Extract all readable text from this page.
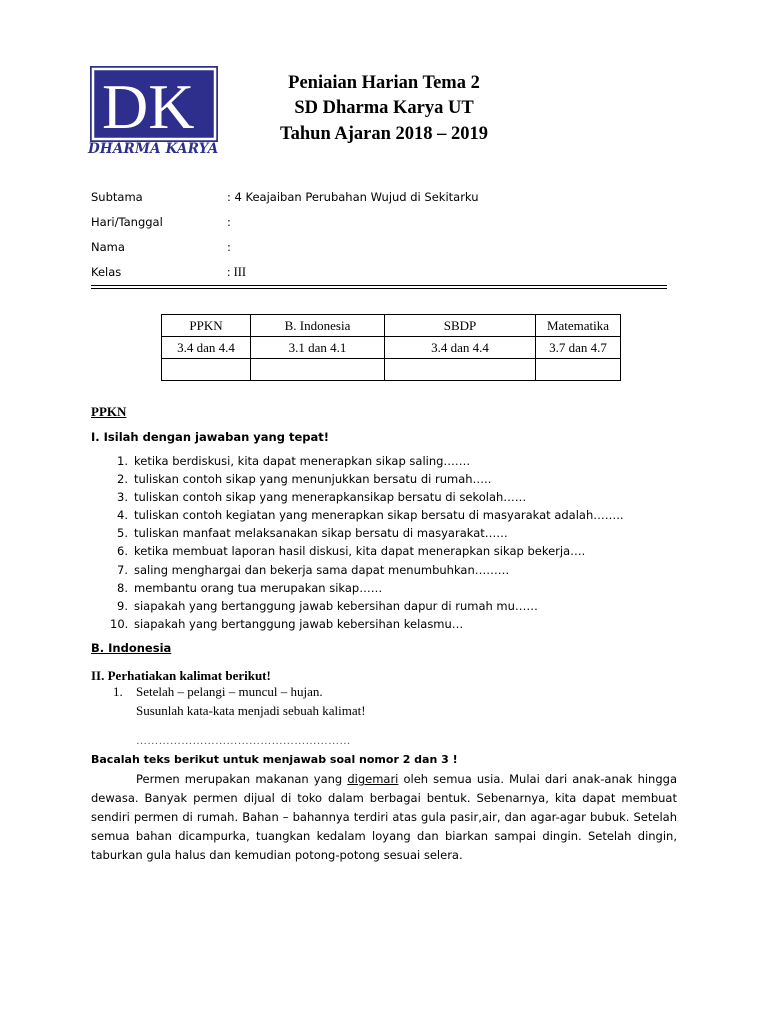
DK
DHARMA KARYA
Peniaian Harian Tema 2
SD Dharma Karya UT
Tahun Ajaran 2018 – 2019
Subtama	: 4 Keajaiban Perubahan Wujud di Sekitarku
Hari/Tanggal	:
Nama	:
Kelas	: III
PPKN	B. Indonesia	SBDP	Matematika
3.4 dan 4.4	3.1 dan 4.1	3.4 dan 4.4	3.7 dan 4.7

PPKN
I. Isilah dengan jawaban yang tepat!
1. ketika berdiskusi, kita dapat menerapkan sikap saling…….
2. tuliskan contoh sikap yang menunjukkan bersatu di rumah…..
3. tuliskan contoh sikap yang menerapkansikap bersatu di sekolah……
4. tuliskan contoh kegiatan yang menerapkan sikap bersatu di masyarakat adalah……..
5. tuliskan manfaat melaksanakan sikap bersatu di masyarakat……
6. ketika membuat laporan hasil diskusi, kita dapat menerapkan sikap bekerja….
7. saling menghargai dan bekerja sama dapat menumbuhkan………
8. membantu orang tua merupakan sikap……
9. siapakah yang bertanggung jawab kebersihan dapur di rumah mu……
10. siapakah yang bertanggung jawab kebersihan kelasmu…
B. Indonesia
II. Perhatiakan kalimat berikut!
1. Setelah – pelangi – muncul – hujan.
Susunlah kata-kata menjadi sebuah kalimat!
…………………………………………………
Bacalah teks berikut untuk menjawab soal nomor 2 dan 3 !
Permen merupakan makanan yang digemari oleh semua usia. Mulai dari anak-anak hingga dewasa. Banyak permen dijual di toko dalam berbagai bentuk. Sebenarnya, kita dapat membuat sendiri permen di rumah. Bahan – bahannya terdiri atas gula pasir,air, dan agar-agar bubuk. Setelah semua bahan dicampurka, tuangkan kedalam loyang dan biarkan sampai dingin. Setelah dingin, taburkan gula halus dan kemudian potong-potong sesuai selera.
